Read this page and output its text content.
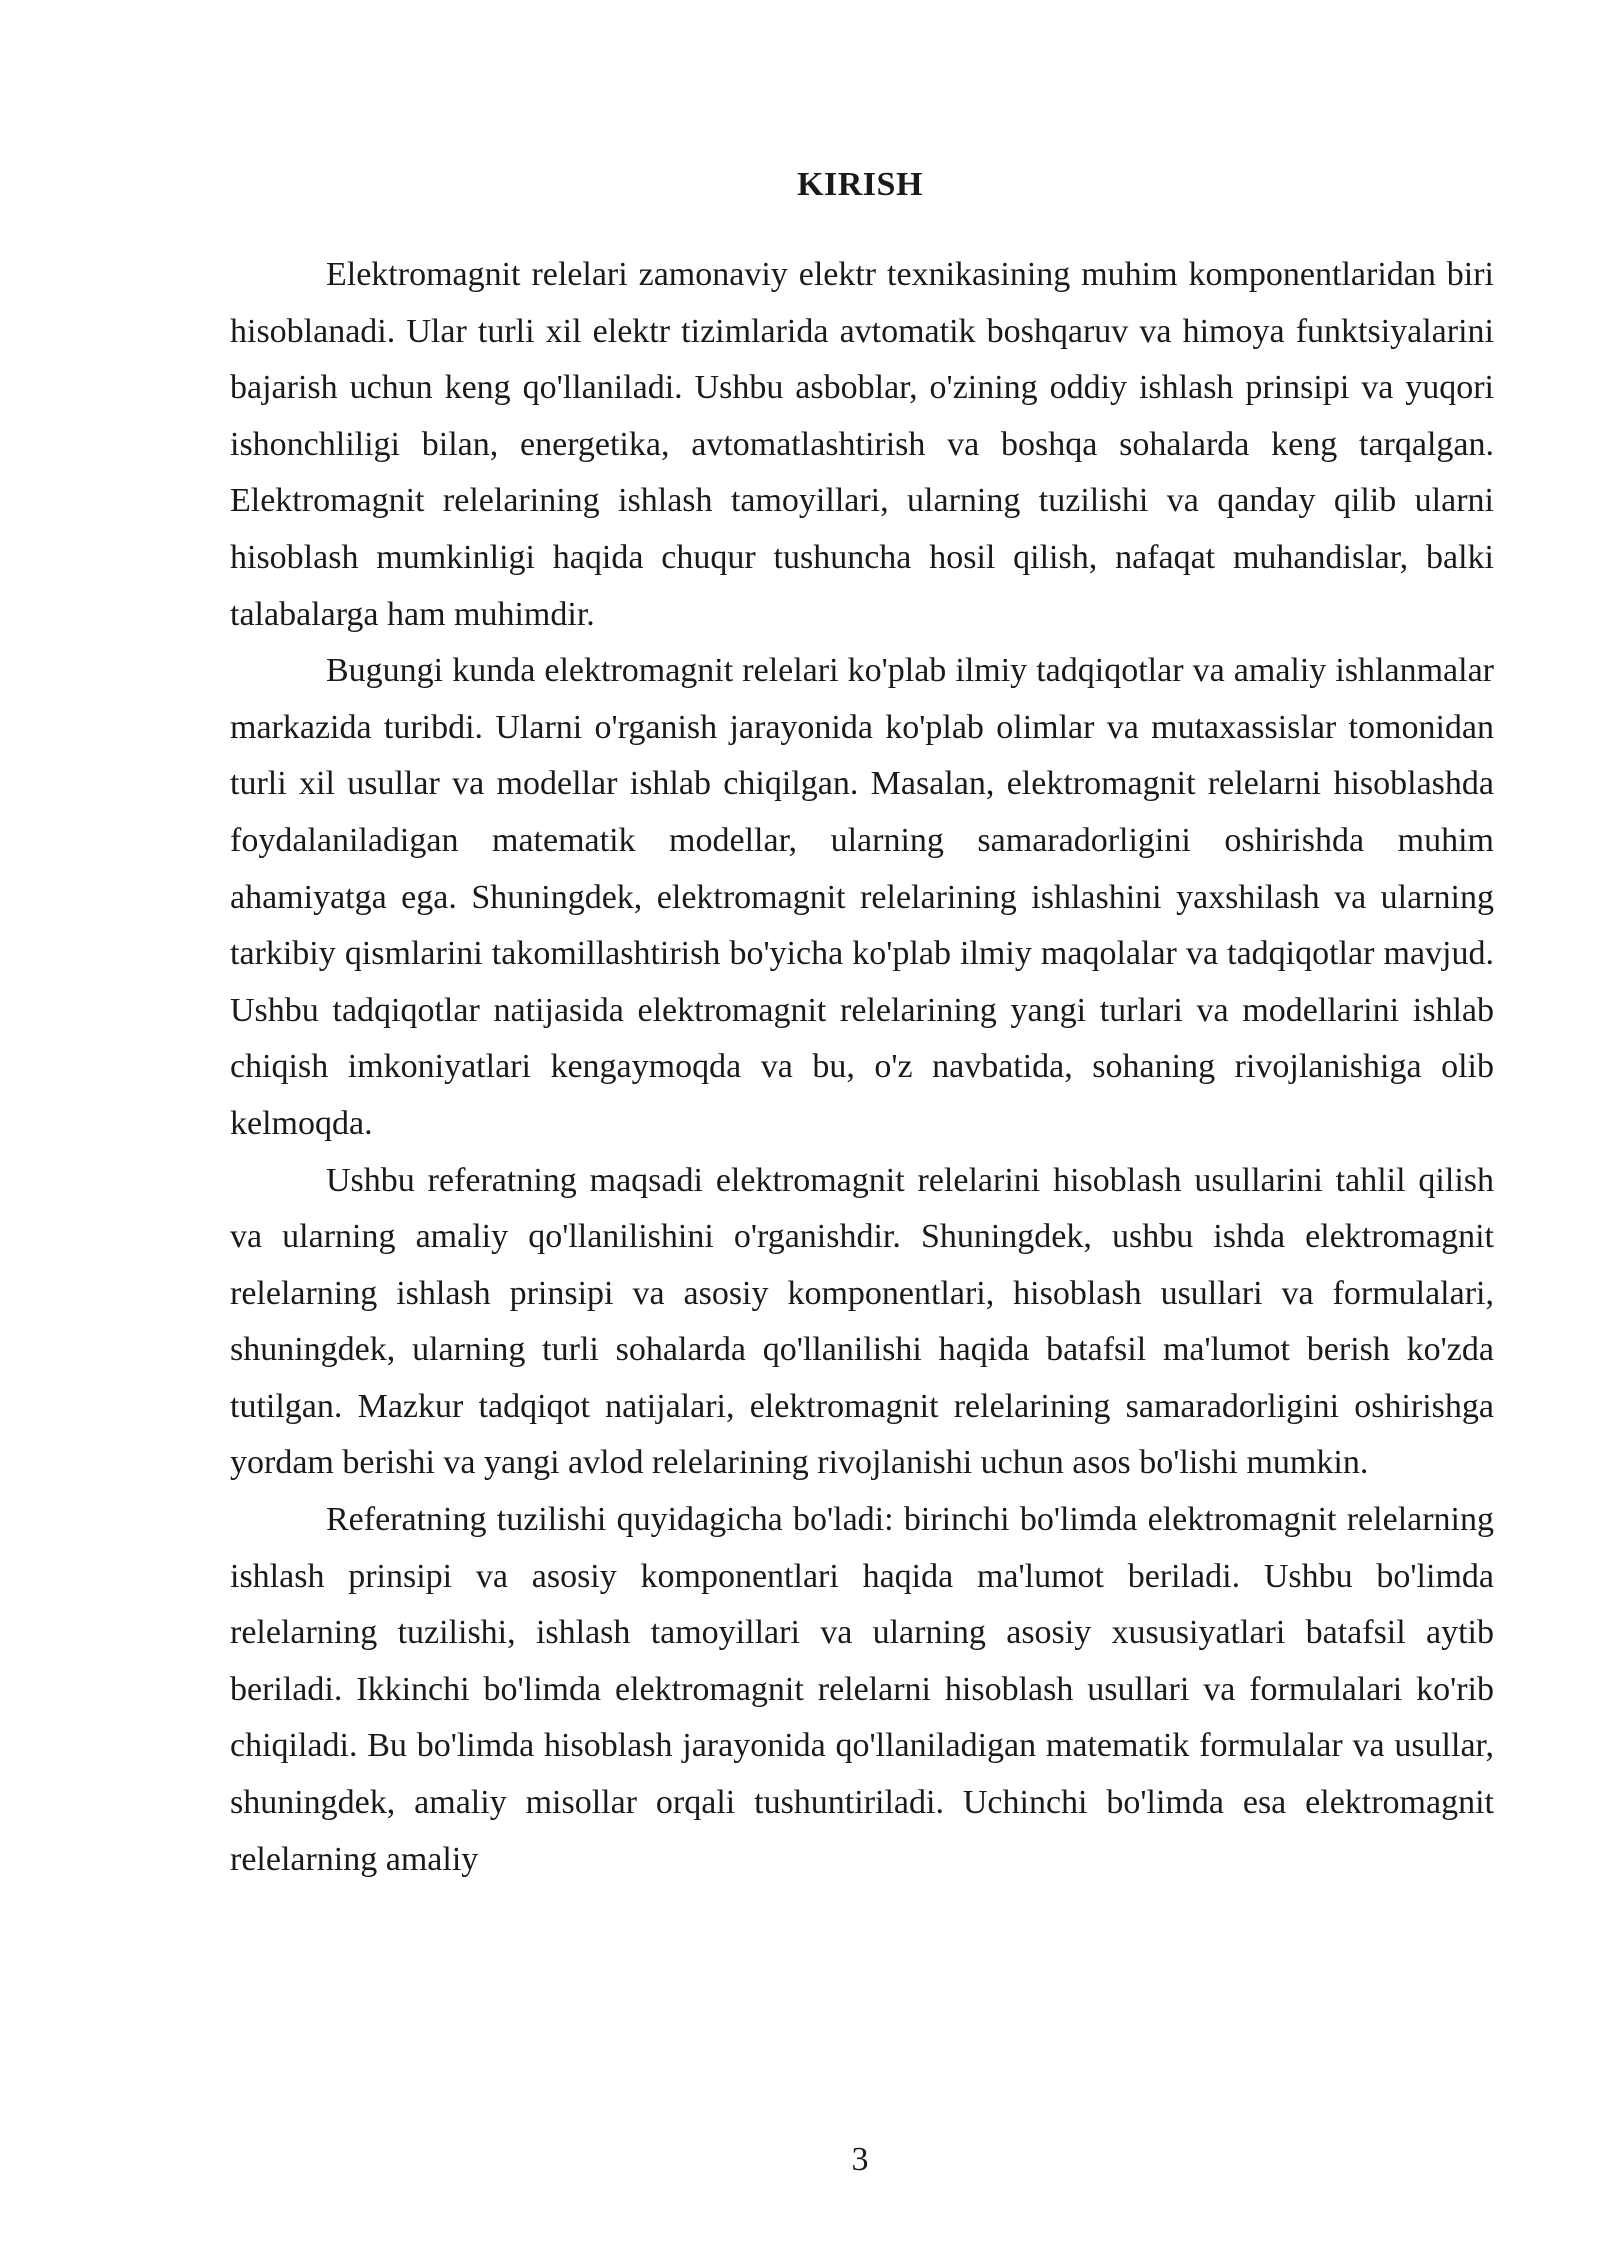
KIRISH

Elektromagnit relelari zamonaviy elektr texnikasining muhim komponentlaridan biri hisoblanadi. Ular turli xil elektr tizimlarida avtomatik boshqaruv va himoya funktsiyalarini bajarish uchun keng qo'llaniladi. Ushbu asboblar, o'zining oddiy ishlash prinsipi va yuqori ishonchliligi bilan, energetika, avtomatlashtirish va boshqa sohalarda keng tarqalgan. Elektromagnit relelarining ishlash tamoyillari, ularning tuzilishi va qanday qilib ularni hisoblash mumkinligi haqida chuqur tushuncha hosil qilish, nafaqat muhandislar, balki talabalarga ham muhimdir.

Bugungi kunda elektromagnit relelari ko'plab ilmiy tadqiqotlar va amaliy ishlanmalar markazida turibdi. Ularni o'rganish jarayonida ko'plab olimlar va mutaxassislar tomonidan turli xil usullar va modellar ishlab chiqilgan. Masalan, elektromagnit relelarni hisoblashda foydalaniladigan matematik modellar, ularning samaradorligini oshirishda muhim ahamiyatga ega. Shuningdek, elektromagnit relelarining ishlashini yaxshilash va ularning tarkibiy qismlarini takomillashtirish bo'yicha ko'plab ilmiy maqolalar va tadqiqotlar mavjud. Ushbu tadqiqotlar natijasida elektromagnit relelarining yangi turlari va modellarini ishlab chiqish imkoniyatlari kengaymoqda va bu, o'z navbatida, sohaning rivojlanishiga olib kelmoqda.

Ushbu referatning maqsadi elektromagnit relelarini hisoblash usullarini tahlil qilish va ularning amaliy qo'llanilishini o'rganishdir. Shuningdek, ushbu ishda elektromagnit relelarning ishlash prinsipi va asosiy komponentlari, hisoblash usullari va formulalari, shuningdek, ularning turli sohalarda qo'llanilishi haqida batafsil ma'lumot berish ko'zda tutilgan. Mazkur tadqiqot natijalari, elektromagnit relelarining samaradorligini oshirishga yordam berishi va yangi avlod relelarining rivojlanishi uchun asos bo'lishi mumkin.

Referatning tuzilishi quyidagicha bo'ladi: birinchi bo'limda elektromagnit relelarning ishlash prinsipi va asosiy komponentlari haqida ma'lumot beriladi. Ushbu bo'limda relelarning tuzilishi, ishlash tamoyillari va ularning asosiy xususiyatlari batafsil aytib beriladi. Ikkinchi bo'limda elektromagnit relelarni hisoblash usullari va formulalari ko'rib chiqiladi. Bu bo'limda hisoblash jarayonida qo'llaniladigan matematik formulalar va usullar, shuningdek, amaliy misollar orqali tushuntiriladi. Uchinchi bo'limda esa elektromagnit relelarning amaliy

3
